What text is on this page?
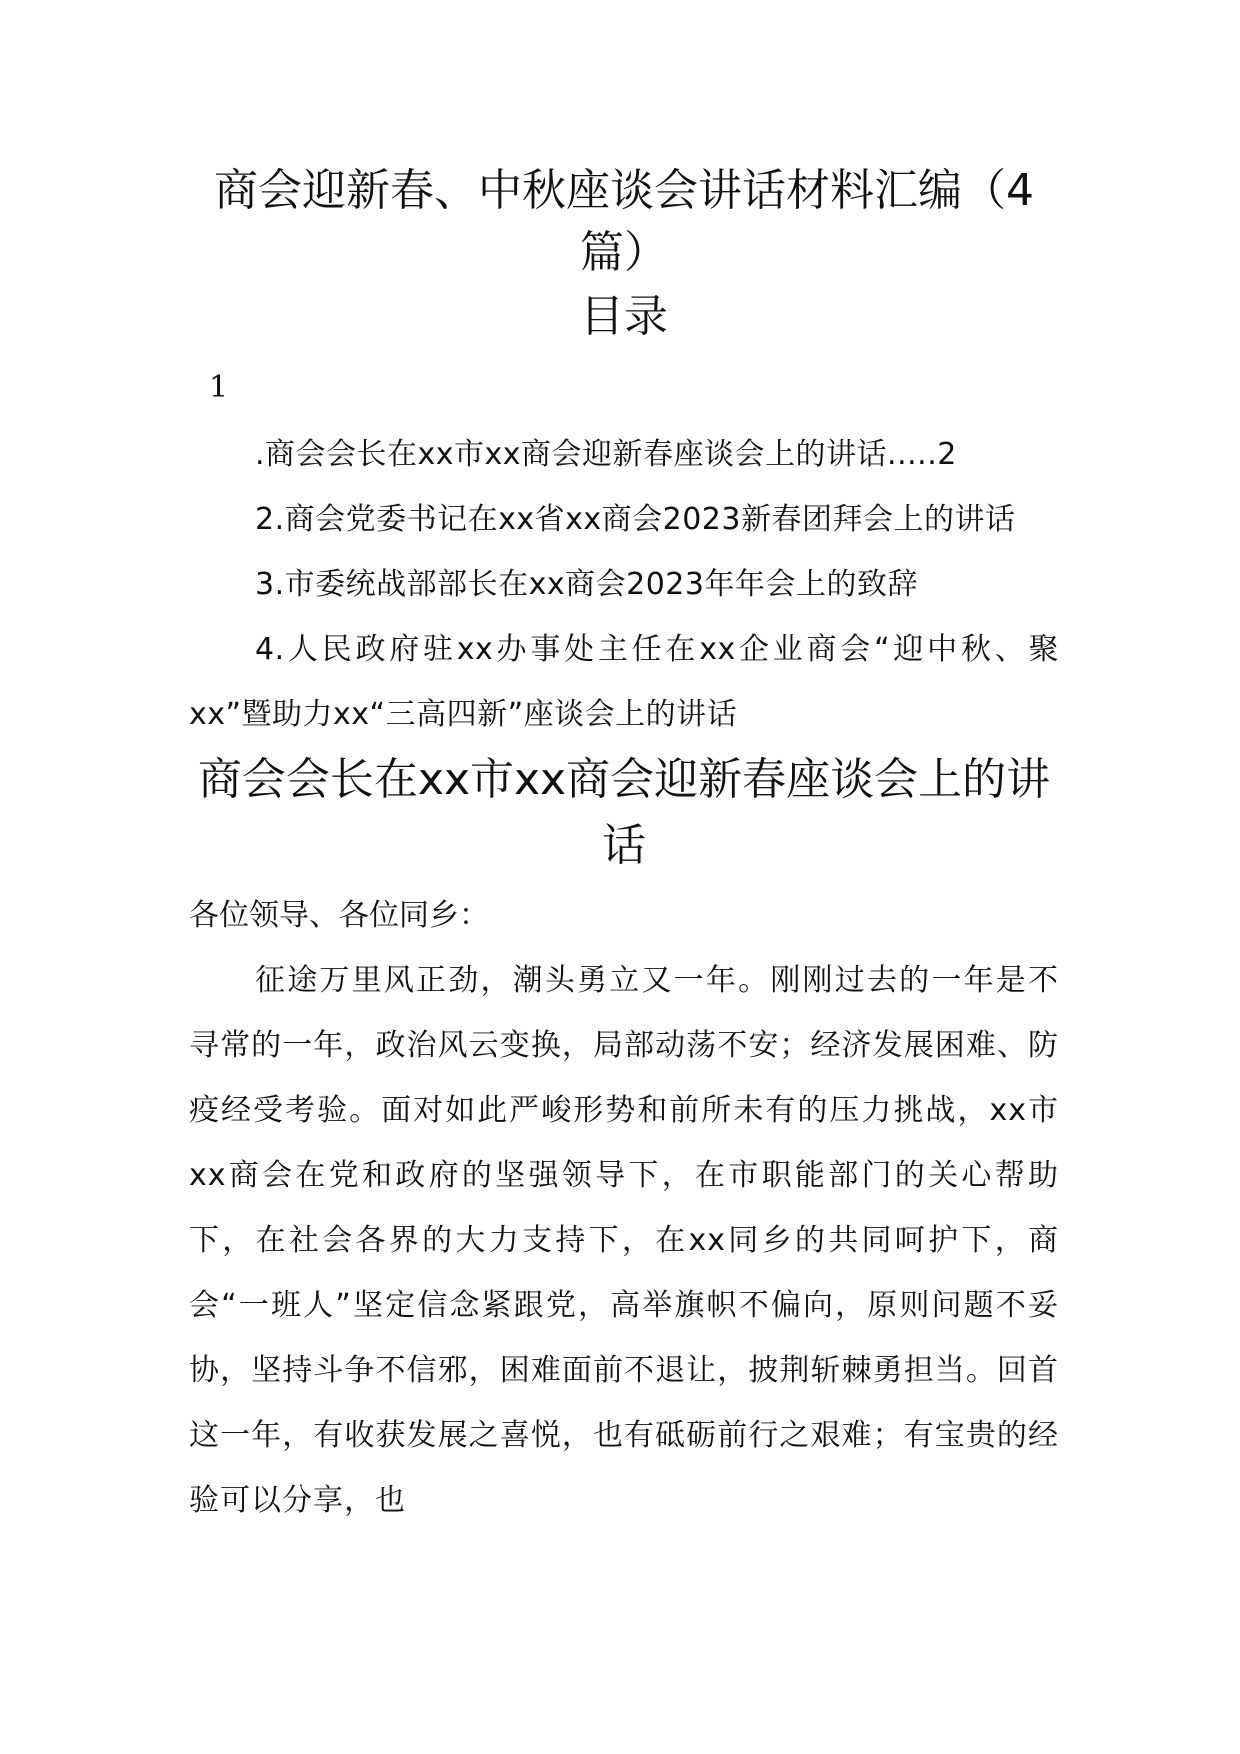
商会迎新春、中秋座谈会讲话材料汇编（4篇）
目录
1
.商会会长在xx市xx商会迎新春座谈会上的讲话.....2
2.商会党委书记在xx省xx商会2023新春团拜会上的讲话
3.市委统战部部长在xx商会2023年年会上的致辞
4.人民政府驻xx办事处主任在xx企业商会“迎中秋、聚xx”暨助力xx“三高四新”座谈会上的讲话
商会会长在xx市xx商会迎新春座谈会上的讲话

各位领导、各位同乡：

征途万里风正劲，潮头勇立又一年。刚刚过去的一年是不寻常的一年，政治风云变换，局部动荡不安；经济发展困难、防疫经受考验。面对如此严峻形势和前所未有的压力挑战，xx市xx商会在党和政府的坚强领导下，在市职能部门的关心帮助下，在社会各界的大力支持下，在xx同乡的共同呵护下，商会“一班人”坚定信念紧跟党，高举旗帜不偏向，原则问题不妥协，坚持斗争不信邪，困难面前不退让，披荆斩棘勇担当。回首这一年，有收获发展之喜悦，也有砥砺前行之艰难；有宝贵的经验可以分享，也
